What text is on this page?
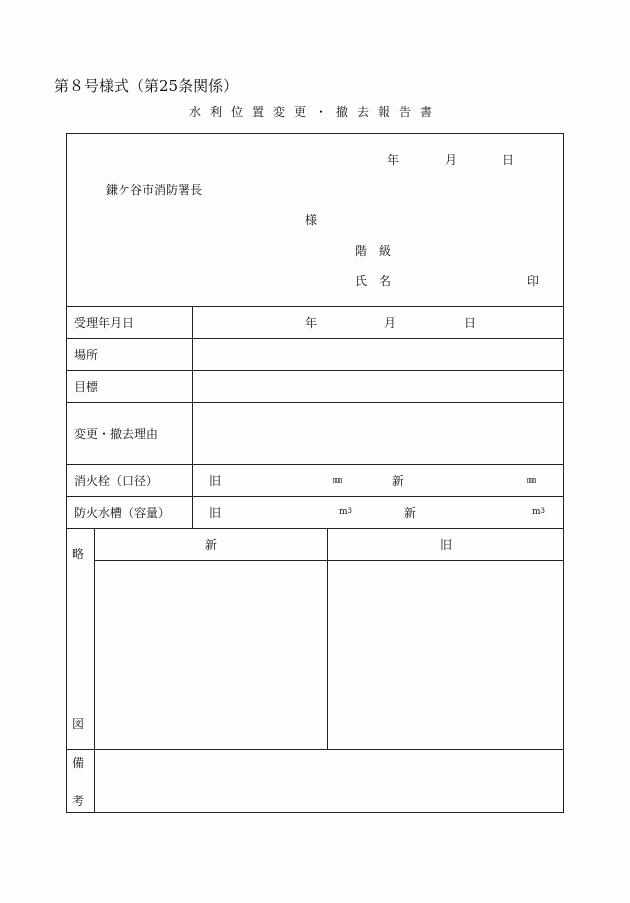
第８号様式（第25条関係）
水利位置変更・撤去報告書
年	月	日
鎌ケ谷市消防署長
様
階　級
氏　名	印
受理年月日	年	月	日
場所
目標
変更・撤去理由
消火栓（口径）	旧	㎜	新	㎜
防火水槽（容量）	旧	$m^3$	新	$m^3$
略
図
新	旧
備
考
